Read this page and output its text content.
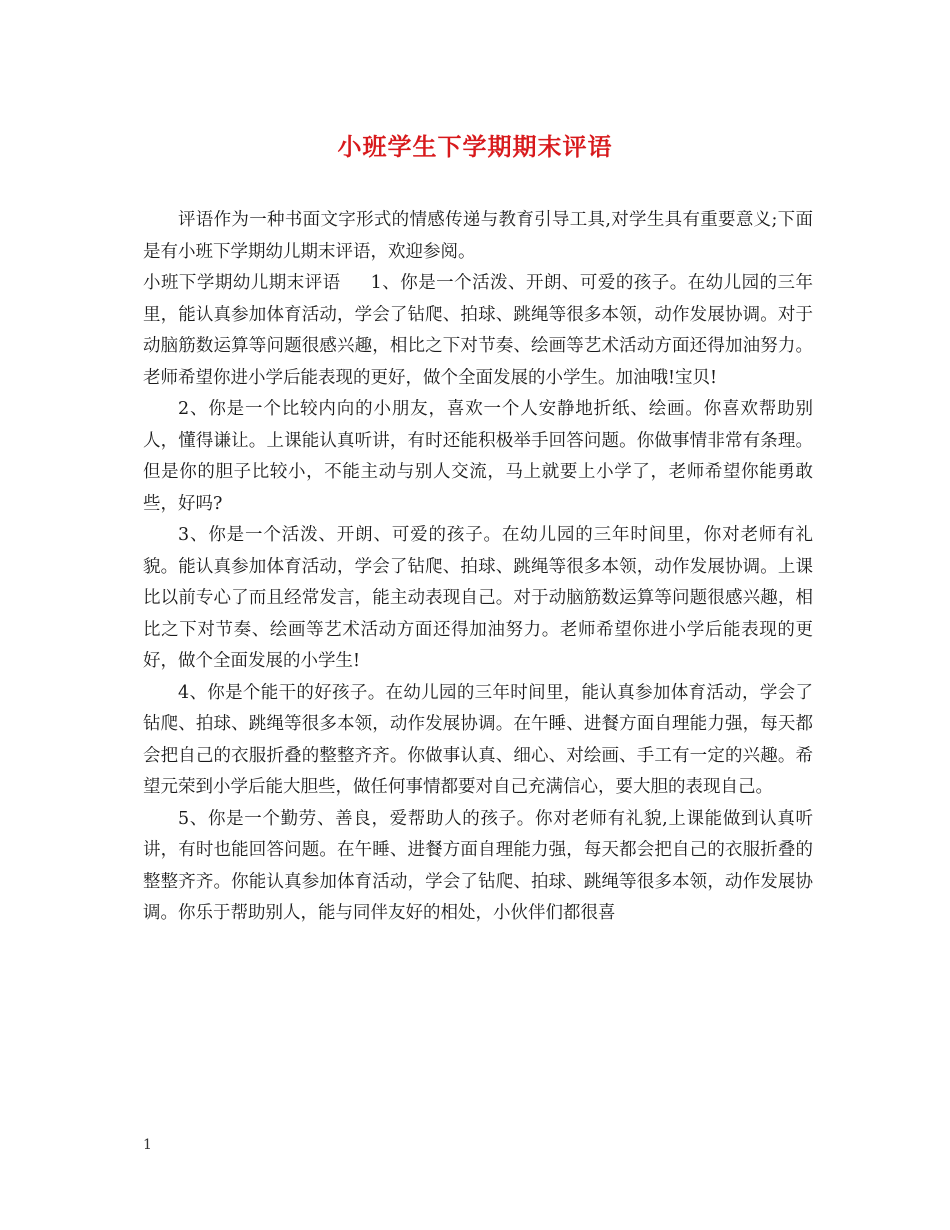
小班学生下学期期末评语

评语作为一种书面文字形式的情感传递与教育引导工具,对学生具有重要意义;下面是有小班下学期幼儿期末评语，欢迎参阅。

小班下学期幼儿期末评语 1、你是一个活泼、开朗、可爱的孩子。在幼儿园的三年里，能认真参加体育活动，学会了钻爬、拍球、跳绳等很多本领，动作发展协调。对于动脑筋数运算等问题很感兴趣，相比之下对节奏、绘画等艺术活动方面还得加油努力。老师希望你进小学后能表现的更好，做个全面发展的小学生。加油哦!宝贝!

2、你是一个比较内向的小朋友，喜欢一个人安静地折纸、绘画。你喜欢帮助别人，懂得谦让。上课能认真听讲，有时还能积极举手回答问题。你做事情非常有条理。但是你的胆子比较小，不能主动与别人交流，马上就要上小学了，老师希望你能勇敢些，好吗?

3、你是一个活泼、开朗、可爱的孩子。在幼儿园的三年时间里，你对老师有礼貌。能认真参加体育活动，学会了钻爬、拍球、跳绳等很多本领，动作发展协调。上课比以前专心了而且经常发言，能主动表现自己。对于动脑筋数运算等问题很感兴趣，相比之下对节奏、绘画等艺术活动方面还得加油努力。老师希望你进小学后能表现的更好，做个全面发展的小学生!

4、你是个能干的好孩子。在幼儿园的三年时间里，能认真参加体育活动，学会了钻爬、拍球、跳绳等很多本领，动作发展协调。在午睡、进餐方面自理能力强，每天都会把自己的衣服折叠的整整齐齐。你做事认真、细心、对绘画、手工有一定的兴趣。希望元荣到小学后能大胆些，做任何事情都要对自己充满信心，要大胆的表现自己。

5、你是一个勤劳、善良，爱帮助人的孩子。你对老师有礼貌,上课能做到认真听讲，有时也能回答问题。在午睡、进餐方面自理能力强，每天都会把自己的衣服折叠的整整齐齐。你能认真参加体育活动，学会了钻爬、拍球、跳绳等很多本领，动作发展协调。你乐于帮助别人，能与同伴友好的相处，小伙伴们都很喜

1
